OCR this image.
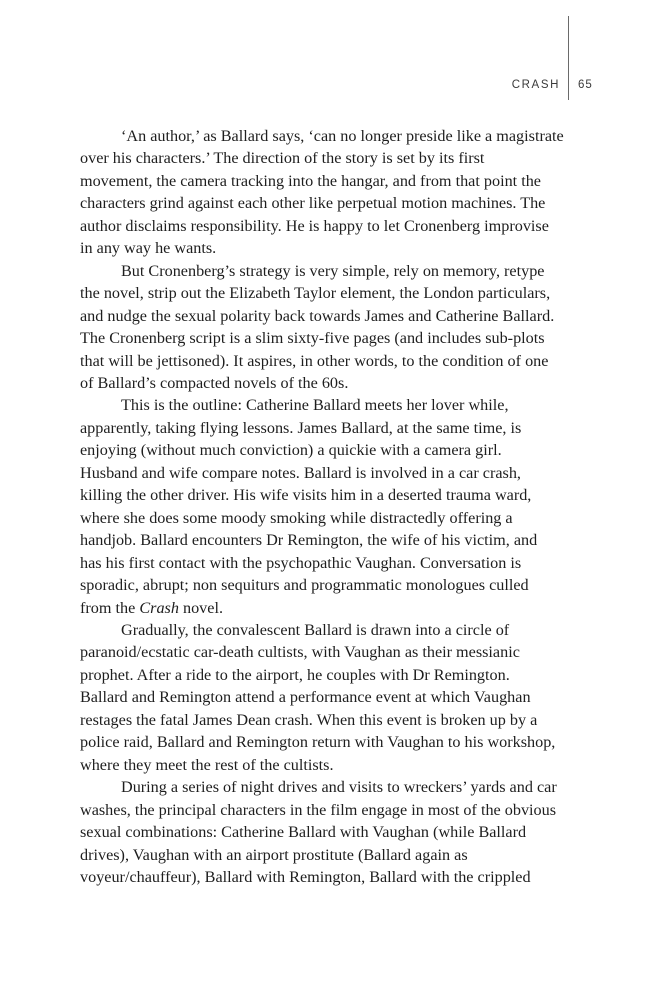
CRASH 65
‘An author,’ as Ballard says, ‘can no longer preside like a magistrate
over his characters.’ The direction of the story is set by its first
movement, the camera tracking into the hangar, and from that point the
characters grind against each other like perpetual motion machines. The
author disclaims responsibility. He is happy to let Cronenberg improvise
in any way he wants.
But Cronenberg’s strategy is very simple, rely on memory, retype
the novel, strip out the Elizabeth Taylor element, the London particulars,
and nudge the sexual polarity back towards James and Catherine Ballard.
The Cronenberg script is a slim sixty-five pages (and includes sub-plots
that will be jettisoned). It aspires, in other words, to the condition of one
of Ballard’s compacted novels of the 60s.
This is the outline: Catherine Ballard meets her lover while,
apparently, taking flying lessons. James Ballard, at the same time, is
enjoying (without much conviction) a quickie with a camera girl.
Husband and wife compare notes. Ballard is involved in a car crash,
killing the other driver. His wife visits him in a deserted trauma ward,
where she does some moody smoking while distractedly offering a
handjob. Ballard encounters Dr Remington, the wife of his victim, and
has his first contact with the psychopathic Vaughan. Conversation is
sporadic, abrupt; non sequiturs and programmatic monologues culled
from the Crash novel.
Gradually, the convalescent Ballard is drawn into a circle of
paranoid/ecstatic car-death cultists, with Vaughan as their messianic
prophet. After a ride to the airport, he couples with Dr Remington.
Ballard and Remington attend a performance event at which Vaughan
restages the fatal James Dean crash. When this event is broken up by a
police raid, Ballard and Remington return with Vaughan to his workshop,
where they meet the rest of the cultists.
During a series of night drives and visits to wreckers’ yards and car
washes, the principal characters in the film engage in most of the obvious
sexual combinations: Catherine Ballard with Vaughan (while Ballard
drives), Vaughan with an airport prostitute (Ballard again as
voyeur/chauffeur), Ballard with Remington, Ballard with the crippled
